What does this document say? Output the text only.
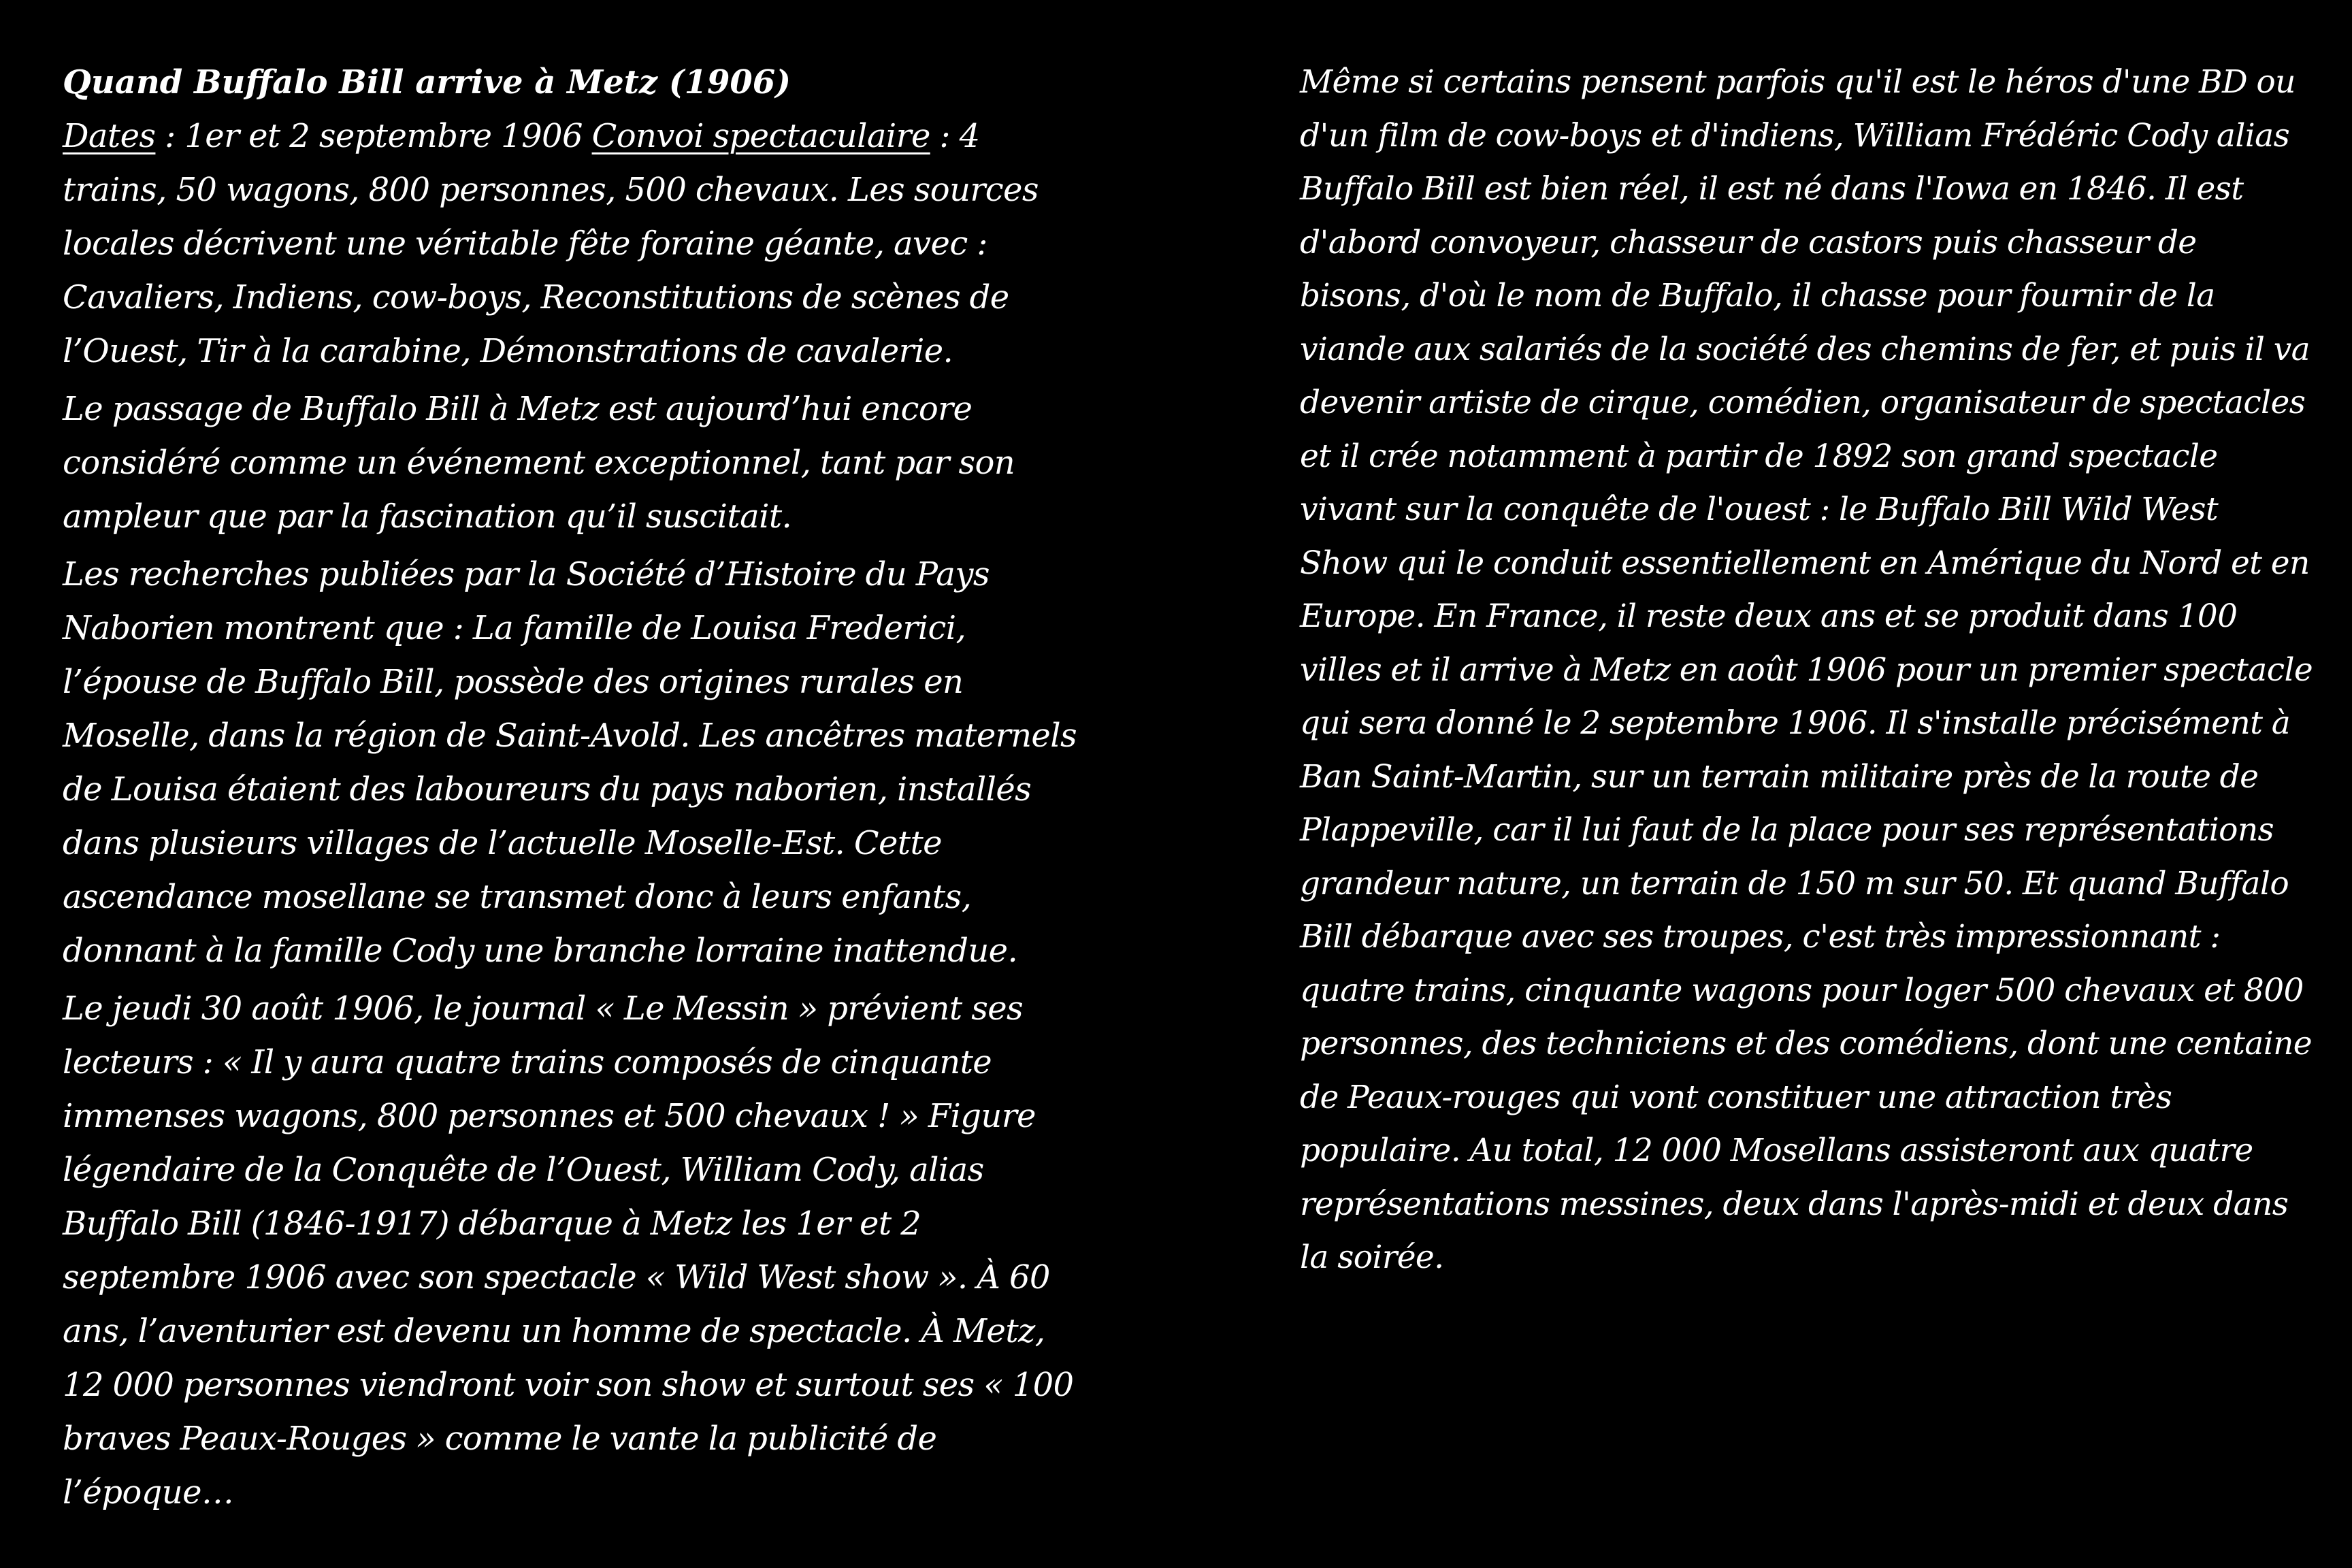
Quand Buffalo Bill arrive à Metz (1906)

Dates : 1er et 2 septembre 1906 Convoi spectaculaire : 4 trains, 50 wagons, 800 personnes, 500 chevaux. Les sources locales décrivent une véritable fête foraine géante, avec : Cavaliers, Indiens, cow-boys, Reconstitutions de scènes de l’Ouest, Tir à la carabine, Démonstrations de cavalerie.

Le passage de Buffalo Bill à Metz est aujourd’hui encore considéré comme un événement exceptionnel, tant par son ampleur que par la fascination qu’il suscitait.

Les recherches publiées par la Société d’Histoire du Pays Naborien montrent que : La famille de Louisa Frederici, l’épouse de Buffalo Bill, possède des origines rurales en Moselle, dans la région de Saint-Avold. Les ancêtres maternels de Louisa étaient des laboureurs du pays naborien, installés dans plusieurs villages de l’actuelle Moselle-Est. Cette ascendance mosellane se transmet donc à leurs enfants, donnant à la famille Cody une branche lorraine inattendue.

Le jeudi 30 août 1906, le journal « Le Messin » prévient ses lecteurs : « Il y aura quatre trains composés de cinquante immenses wagons, 800 personnes et 500 chevaux ! » Figure légendaire de la Conquête de l’Ouest, William Cody, alias Buffalo Bill (1846-1917) débarque à Metz les 1er et 2 septembre 1906 avec son spectacle « Wild West show ». À 60 ans, l’aventurier est devenu un homme de spectacle. À Metz, 12 000 personnes viendront voir son show et surtout ses « 100 braves Peaux-Rouges » comme le vante la publicité de l’époque…

Même si certains pensent parfois qu'il est le héros d'une BD ou d'un film de cow-boys et d'indiens, William Frédéric Cody alias Buffalo Bill est bien réel, il est né dans l'Iowa en 1846. Il est d'abord convoyeur, chasseur de castors puis chasseur de bisons, d'où le nom de Buffalo, il chasse pour fournir de la viande aux salariés de la société des chemins de fer, et puis il va devenir artiste de cirque, comédien, organisateur de spectacles et il crée notamment à partir de 1892 son grand spectacle vivant sur la conquête de l'ouest : le Buffalo Bill Wild West Show qui le conduit essentiellement en Amérique du Nord et en Europe. En France, il reste deux ans et se produit dans 100 villes et il arrive à Metz en août 1906 pour un premier spectacle qui sera donné le 2 septembre 1906. Il s'installe précisément à Ban Saint-Martin, sur un terrain militaire près de la route de Plappeville, car il lui faut de la place pour ses représentations grandeur nature, un terrain de 150 m sur 50. Et quand Buffalo Bill débarque avec ses troupes, c'est très impressionnant : quatre trains, cinquante wagons pour loger 500 chevaux et 800 personnes, des techniciens et des comédiens, dont une centaine de Peaux-rouges qui vont constituer une attraction très populaire. Au total, 12 000 Mosellans assisteront aux quatre représentations messines, deux dans l'après-midi et deux dans la soirée.
